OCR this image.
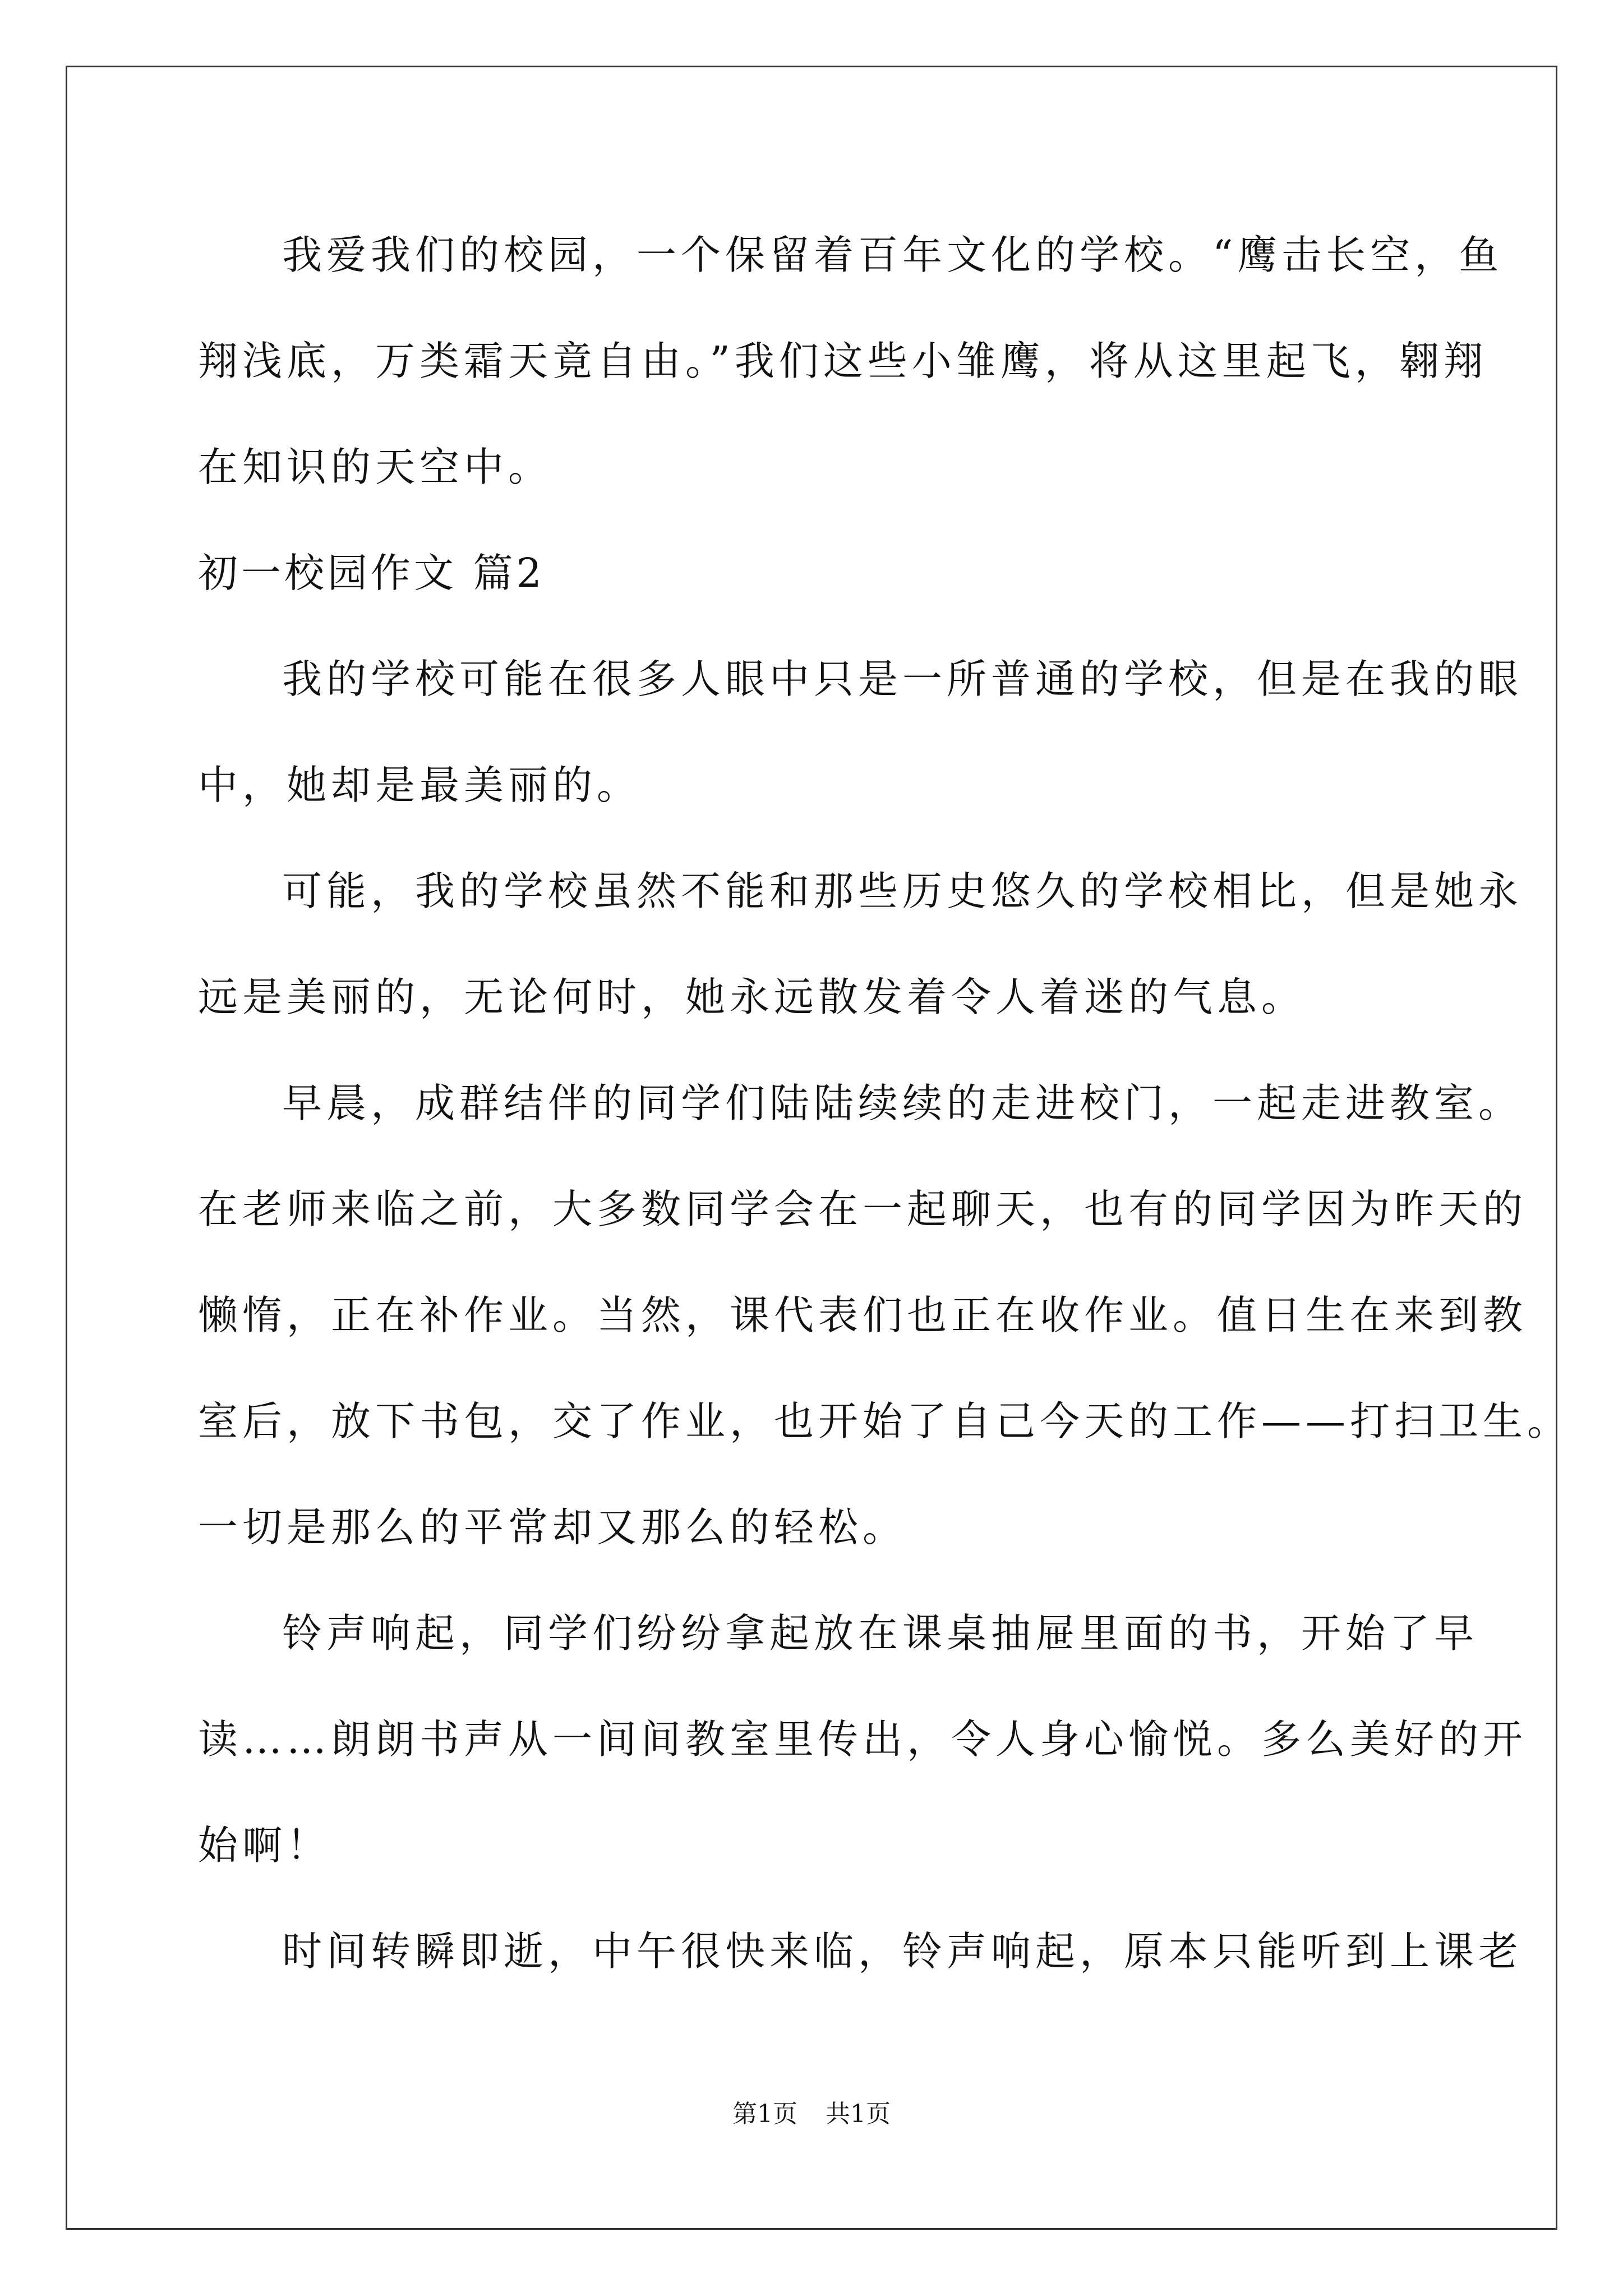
我爱我们的校园，一个保留着百年文化的学校。“鹰击长空，鱼

翔浅底，万类霜天竟自由。”我们这些小雏鹰，将从这里起飞，翱翔

在知识的天空中。

初一校园作文 篇2

我的学校可能在很多人眼中只是一所普通的学校，但是在我的眼

中，她却是最美丽的。

可能，我的学校虽然不能和那些历史悠久的学校相比，但是她永

远是美丽的，无论何时，她永远散发着令人着迷的气息。

早晨，成群结伴的同学们陆陆续续的走进校门，一起走进教室。

在老师来临之前，大多数同学会在一起聊天，也有的同学因为昨天的

懒惰，正在补作业。当然，课代表们也正在收作业。值日生在来到教

室后，放下书包，交了作业，也开始了自己今天的工作——打扫卫生。

一切是那么的平常却又那么的轻松。

铃声响起，同学们纷纷拿起放在课桌抽屉里面的书，开始了早

读……朗朗书声从一间间教室里传出，令人身心愉悦。多么美好的开

始啊！

时间转瞬即逝，中午很快来临，铃声响起，原本只能听到上课老

第1页 共1页
